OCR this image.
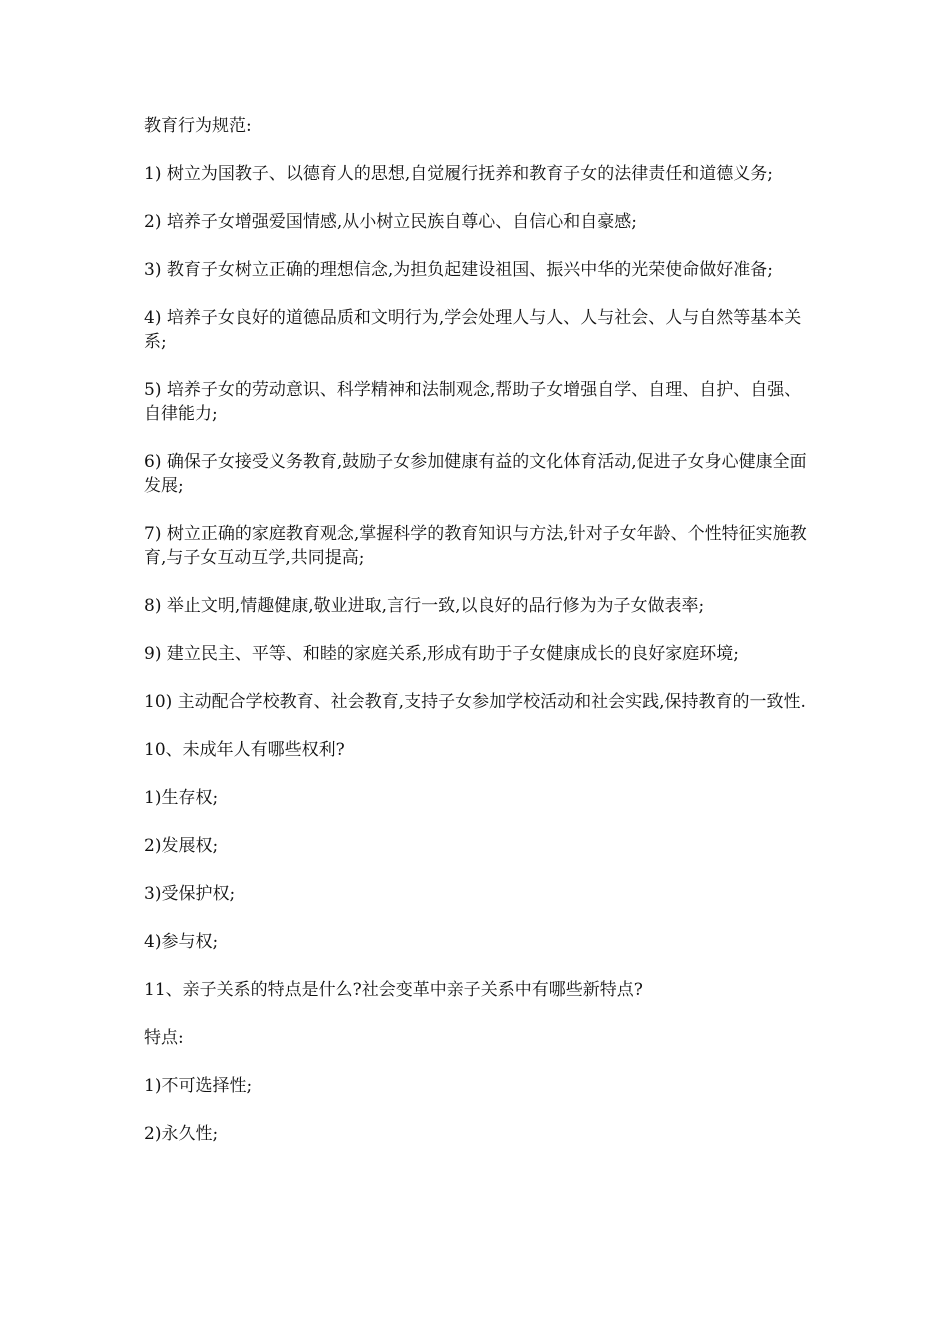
教育行为规范:

1) 树立为国教子、以德育人的思想,自觉履行抚养和教育子女的法律责任和道德义务;

2) 培养子女增强爱国情感,从小树立民族自尊心、自信心和自豪感;

3) 教育子女树立正确的理想信念,为担负起建设祖国、振兴中华的光荣使命做好准备;

4) 培养子女良好的道德品质和文明行为,学会处理人与人、人与社会、人与自然等基本关系;

5) 培养子女的劳动意识、科学精神和法制观念,帮助子女增强自学、自理、自护、自强、自律能力;

6) 确保子女接受义务教育,鼓励子女参加健康有益的文化体育活动,促进子女身心健康全面发展;

7) 树立正确的家庭教育观念,掌握科学的教育知识与方法,针对子女年龄、个性特征实施教育,与子女互动互学,共同提高;

8) 举止文明,情趣健康,敬业进取,言行一致,以良好的品行修为为子女做表率;

9) 建立民主、平等、和睦的家庭关系,形成有助于子女健康成长的良好家庭环境;

10) 主动配合学校教育、社会教育,支持子女参加学校活动和社会实践,保持教育的一致性.

10、未成年人有哪些权利?

1)生存权;

2)发展权;

3)受保护权;

4)参与权;

11、亲子关系的特点是什么?社会变革中亲子关系中有哪些新特点?

特点:

1)不可选择性;

2)永久性;
